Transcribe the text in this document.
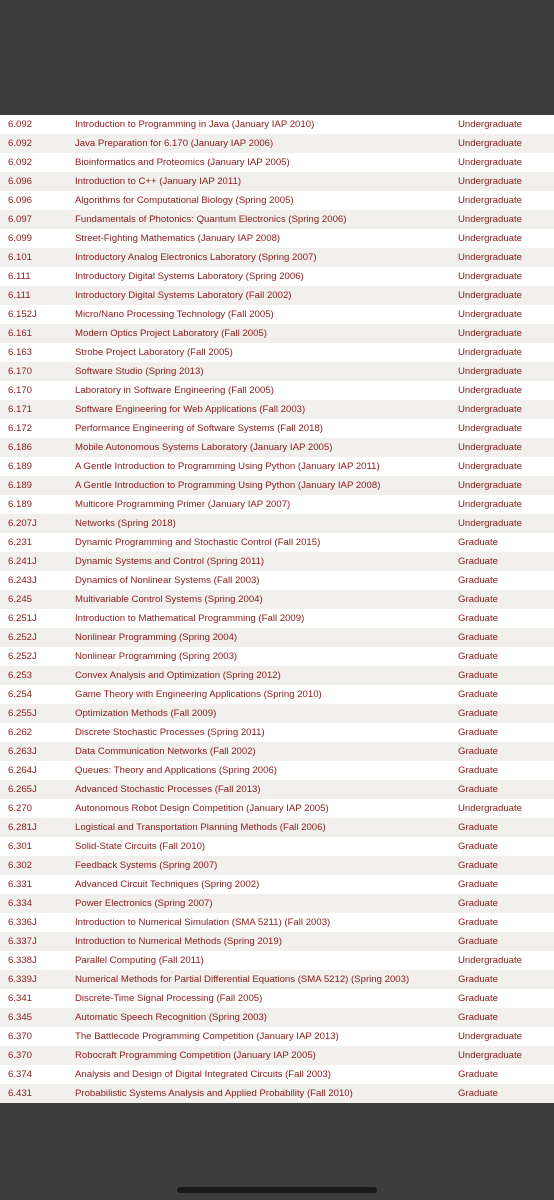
6.092	Introduction to Programming in Java (January IAP 2010)	Undergraduate
6.092	Java Preparation for 6.170 (January IAP 2006)	Undergraduate
6.092	Bioinformatics and Proteomics (January IAP 2005)	Undergraduate
6.096	Introduction to C++ (January IAP 2011)	Undergraduate
6.096	Algorithms for Computational Biology (Spring 2005)	Undergraduate
6.097	Fundamentals of Photonics: Quantum Electronics (Spring 2006)	Undergraduate
6.099	Street-Fighting Mathematics (January IAP 2008)	Undergraduate
6.101	Introductory Analog Electronics Laboratory (Spring 2007)	Undergraduate
6.111	Introductory Digital Systems Laboratory (Spring 2006)	Undergraduate
6.111	Introductory Digital Systems Laboratory (Fall 2002)	Undergraduate
6.152J	Micro/Nano Processing Technology (Fall 2005)	Undergraduate
6.161	Modern Optics Project Laboratory (Fall 2005)	Undergraduate
6.163	Strobe Project Laboratory (Fall 2005)	Undergraduate
6.170	Software Studio (Spring 2013)	Undergraduate
6.170	Laboratory in Software Engineering (Fall 2005)	Undergraduate
6.171	Software Engineering for Web Applications (Fall 2003)	Undergraduate
6.172	Performance Engineering of Software Systems (Fall 2018)	Undergraduate
6.186	Mobile Autonomous Systems Laboratory (January IAP 2005)	Undergraduate
6.189	A Gentle Introduction to Programming Using Python (January IAP 2011)	Undergraduate
6.189	A Gentle Introduction to Programming Using Python (January IAP 2008)	Undergraduate
6.189	Multicore Programming Primer (January IAP 2007)	Undergraduate
6.207J	Networks (Spring 2018)	Undergraduate
6.231	Dynamic Programming and Stochastic Control (Fall 2015)	Graduate
6.241J	Dynamic Systems and Control (Spring 2011)	Graduate
6.243J	Dynamics of Nonlinear Systems (Fall 2003)	Graduate
6.245	Multivariable Control Systems (Spring 2004)	Graduate
6.251J	Introduction to Mathematical Programming (Fall 2009)	Graduate
6.252J	Nonlinear Programming (Spring 2004)	Graduate
6.252J	Nonlinear Programming (Spring 2003)	Graduate
6.253	Convex Analysis and Optimization (Spring 2012)	Graduate
6.254	Game Theory with Engineering Applications (Spring 2010)	Graduate
6.255J	Optimization Methods (Fall 2009)	Graduate
6.262	Discrete Stochastic Processes (Spring 2011)	Graduate
6.263J	Data Communication Networks (Fall 2002)	Graduate
6.264J	Queues: Theory and Applications (Spring 2006)	Graduate
6.265J	Advanced Stochastic Processes (Fall 2013)	Graduate
6.270	Autonomous Robot Design Competition (January IAP 2005)	Undergraduate
6.281J	Logistical and Transportation Planning Methods (Fall 2006)	Graduate
6.301	Solid-State Circuits (Fall 2010)	Graduate
6.302	Feedback Systems (Spring 2007)	Graduate
6.331	Advanced Circuit Techniques (Spring 2002)	Graduate
6.334	Power Electronics (Spring 2007)	Graduate
6.336J	Introduction to Numerical Simulation (SMA 5211) (Fall 2003)	Graduate
6.337J	Introduction to Numerical Methods (Spring 2019)	Graduate
6.338J	Parallel Computing (Fall 2011)	Undergraduate
6.339J	Numerical Methods for Partial Differential Equations (SMA 5212) (Spring 2003)	Graduate
6.341	Discrete-Time Signal Processing (Fall 2005)	Graduate
6.345	Automatic Speech Recognition (Spring 2003)	Graduate
6.370	The Battlecode Programming Competition (January IAP 2013)	Undergraduate
6.370	Robocraft Programming Competition (January IAP 2005)	Undergraduate
6.374	Analysis and Design of Digital Integrated Circuits (Fall 2003)	Graduate
6.431	Probabilistic Systems Analysis and Applied Probability (Fall 2010)	Graduate
